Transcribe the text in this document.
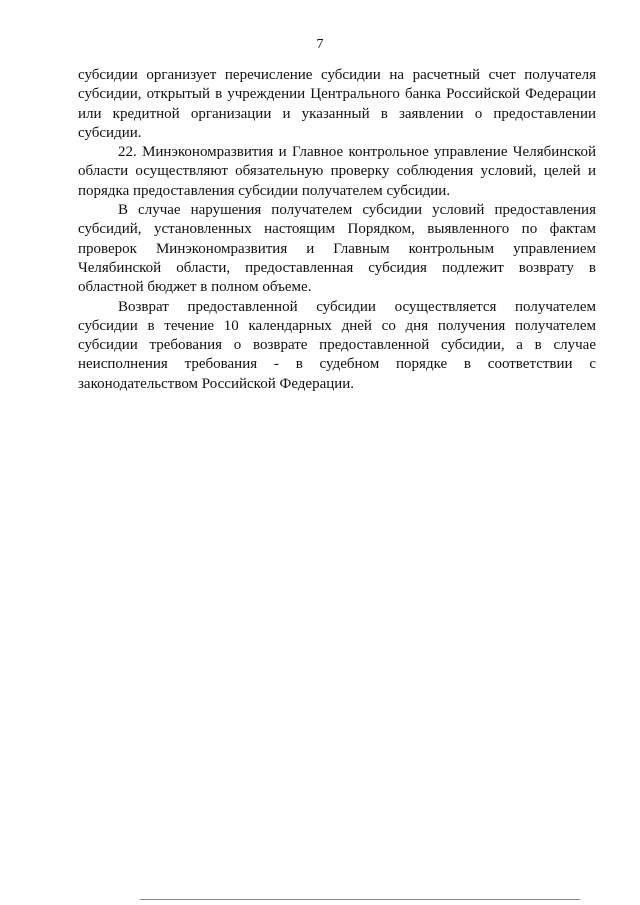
7

субсидии организует перечисление субсидии на расчетный счет получателя субсидии, открытый в учреждении Центрального банка Российской Федерации или кредитной организации и указанный в заявлении о предоставлении субсидии.

22. Минэкономразвития и Главное контрольное управление Челябинской области осуществляют обязательную проверку соблюдения условий, целей и порядка предоставления субсидии получателем субсидии.

В случае нарушения получателем субсидии условий предоставления субсидий, установленных настоящим Порядком, выявленного по фактам проверок Минэкономразвития и Главным контрольным управлением Челябинской области, предоставленная субсидия подлежит возврату в областной бюджет в полном объеме.

Возврат предоставленной субсидии осуществляется получателем субсидии в течение 10 календарных дней со дня получения получателем субсидии требования о возврате предоставленной субсидии, а в случае неисполнения требования - в судебном порядке в соответствии с законодательством Российской Федерации.
